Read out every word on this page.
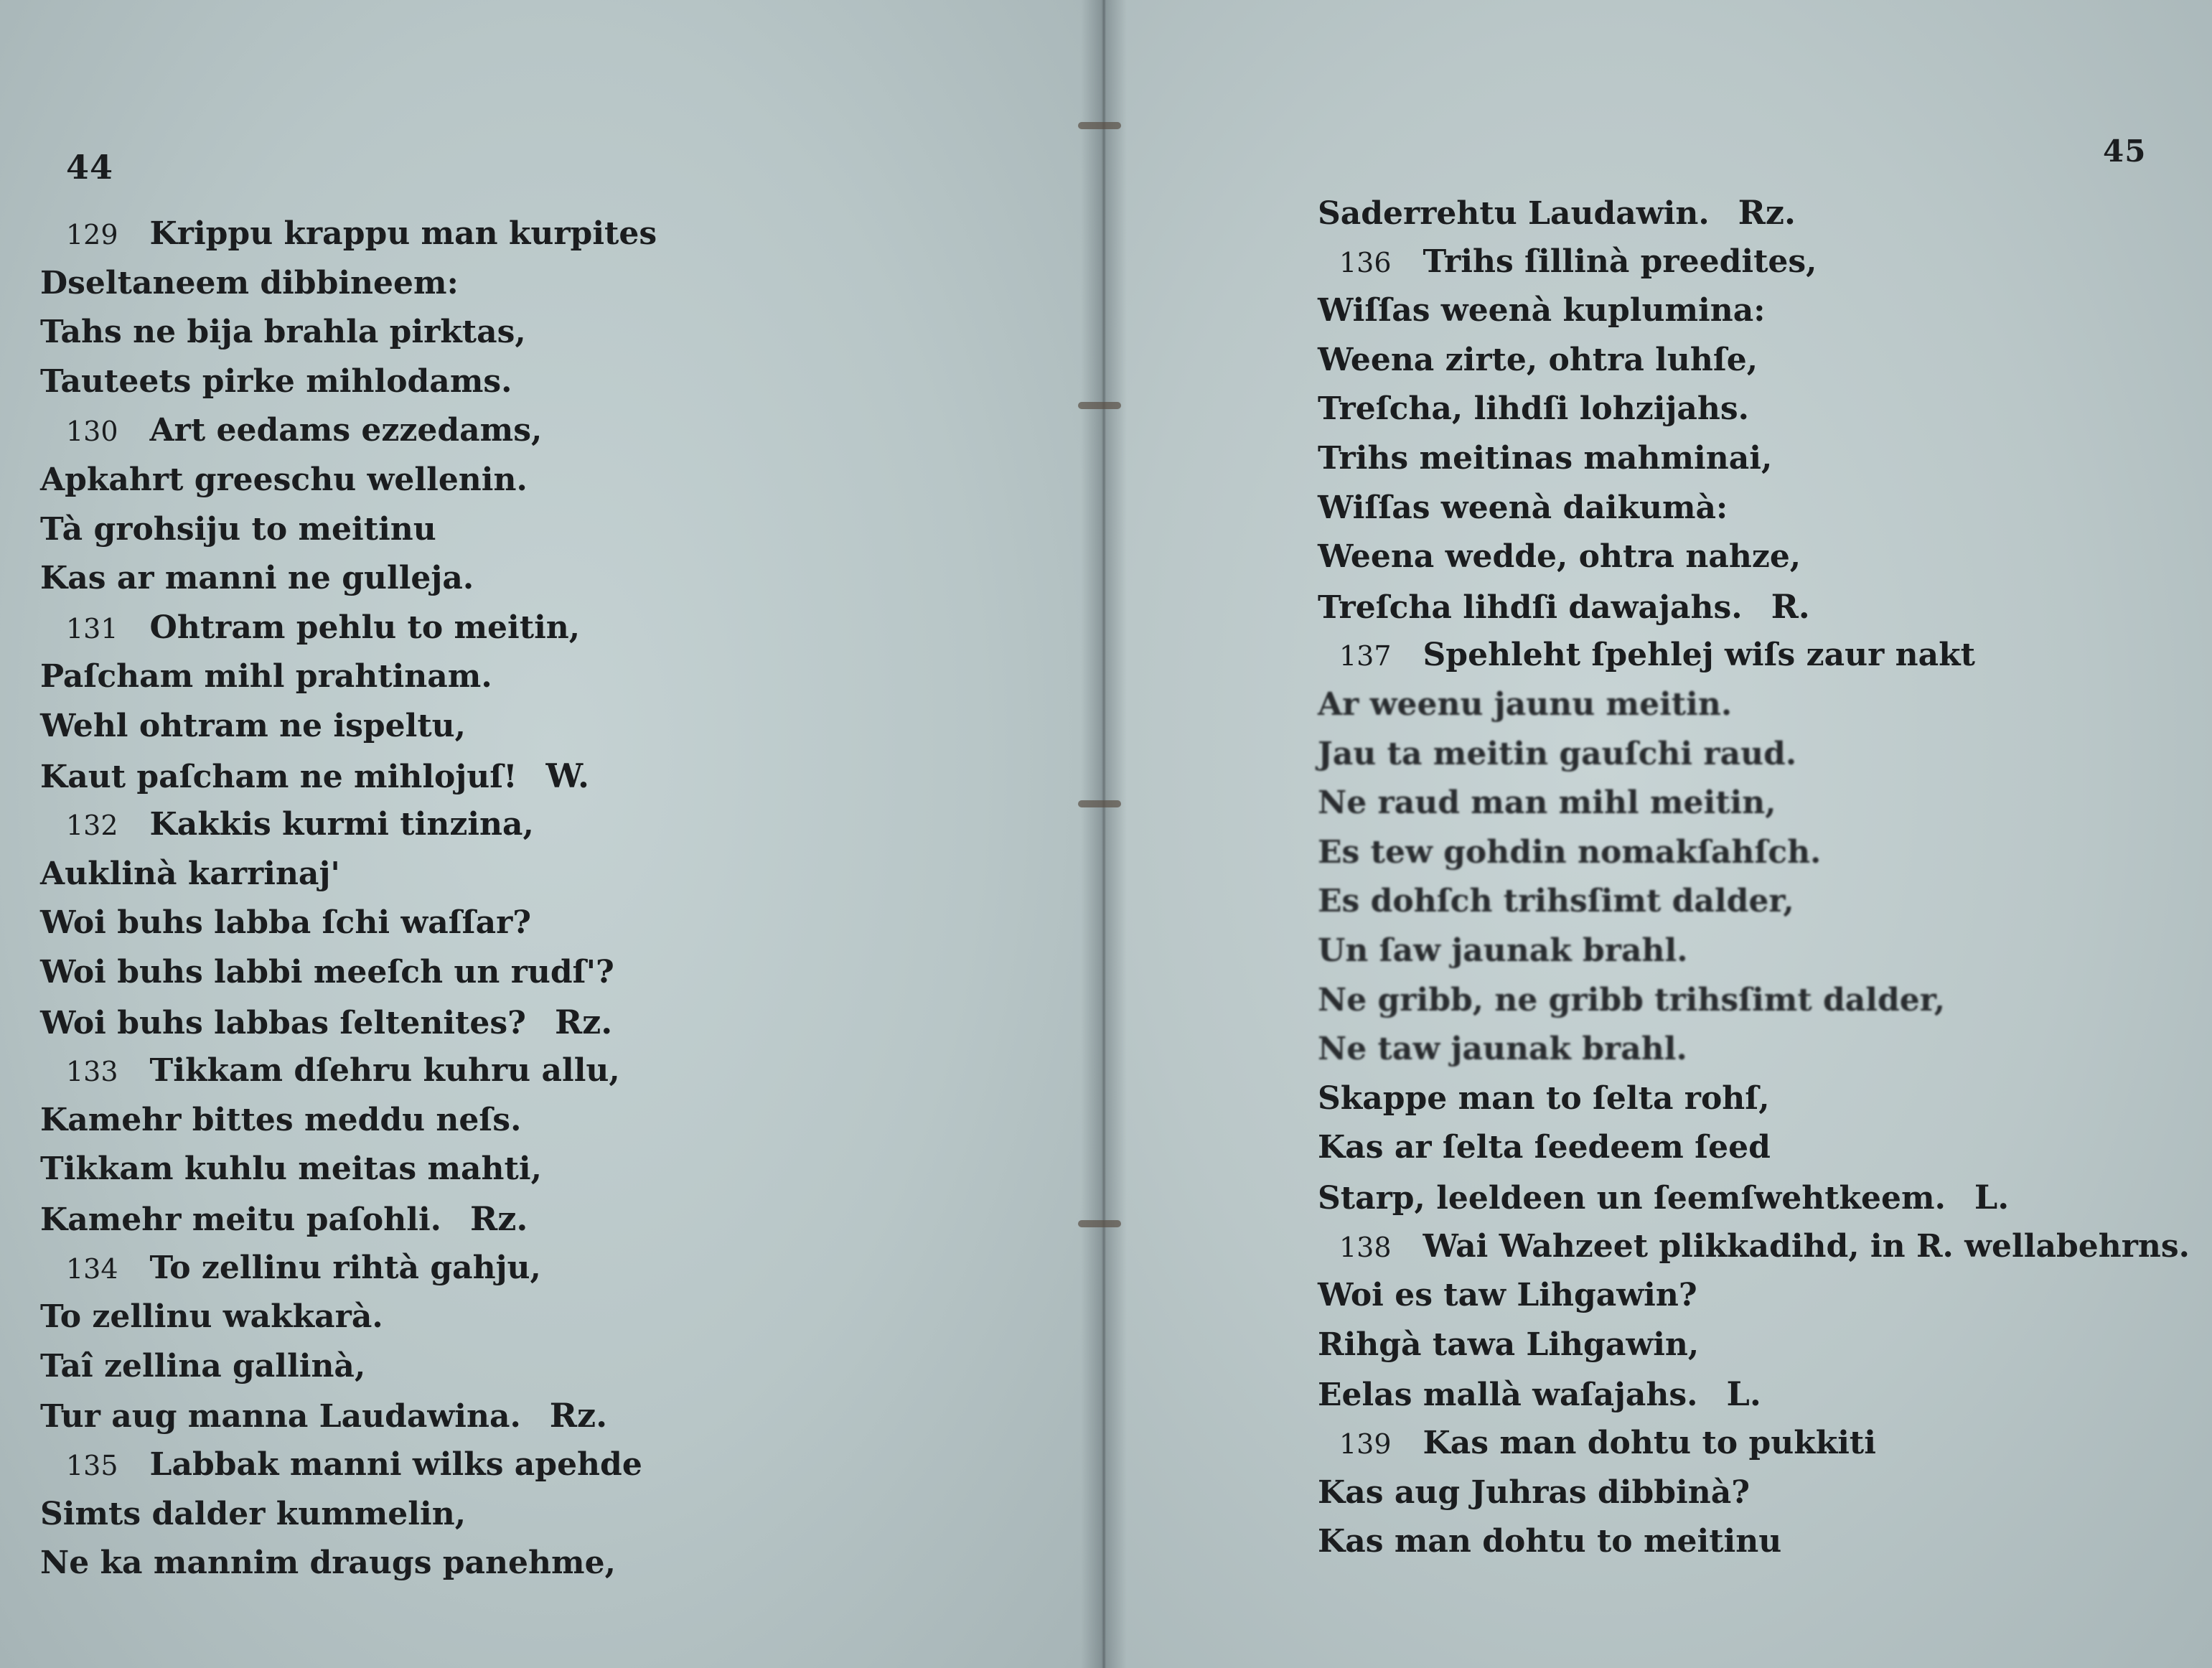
44
129 Krippu krappu man kurpites
Dseltaneem dibbineem:
Tahs ne bija brahla pirktas,
Tauteets pirke mihlodams.
130 Art eedams ezzedams,
Apkahrt greeschu wellenin.
Tà grohsiju to meitinu
Kas ar manni ne gulleja.
131 Ohtram pehlu to meitin,
Paſcham mihl prahtinam.
Wehl ohtram ne ispeltu,
Kaut paſcham ne mihlojuſ! W.
132 Kakkis kurmi tinzina,
Auklinà karrinaj'
Woi buhs labba ſchi waſſar?
Woi buhs labbi meeſch un rudſ'?
Woi buhs labbas ſeltenites? Rz.
133 Tikkam dſehru kuhru allu,
Kamehr bittes meddu neſs.
Tikkam kuhlu meitas mahti,
Kamehr meitu paſohli. Rz.
134 To zellinu rihtà gahju,
To zellinu wakkarà.
Taî zellina gallinà,
Tur aug manna Laudawina. Rz.
135 Labbak manni wilks apehde
Simts dalder kummelin,
Ne ka mannim draugs panehme,
45
Saderrehtu Laudawin. Rz.
136 Trihs ſillinà preedites,
Wiſſas weenà kuplumina:
Weena zirte, ohtra luhſe,
Treſcha, lihdſi lohzijahs.
Trihs meitinas mahminai,
Wiſſas weenà daikumà:
Weena wedde, ohtra nahze,
Treſcha lihdſi dawajahs. R.
137 Spehleht ſpehlej wiſs zaur nakt
Ar weenu jaunu meitin.
Jau ta meitin gauſchi raud.
Ne raud man mihl meitin,
Es tew gohdin nomakſahſch.
Es dohſch trihsſimt dalder,
Un ſaw jaunak brahl.
Ne gribb, ne gribb trihsſimt dalder,
Ne taw jaunak brahl.
Skappe man to ſelta rohſ,
Kas ar ſelta ſeedeem ſeed
Starp, leeldeen un ſeemſwehtkeem. L.
138 Wai Wahzeet plikkadihd, in R. wellabehrns.
Woi es taw Lihgawin?
Rihgà tawa Lihgawin,
Eelas mallà waſajahs. L.
139 Kas man dohtu to pukkiti
Kas aug Juhras dibbinà?
Kas man dohtu to meitinu
